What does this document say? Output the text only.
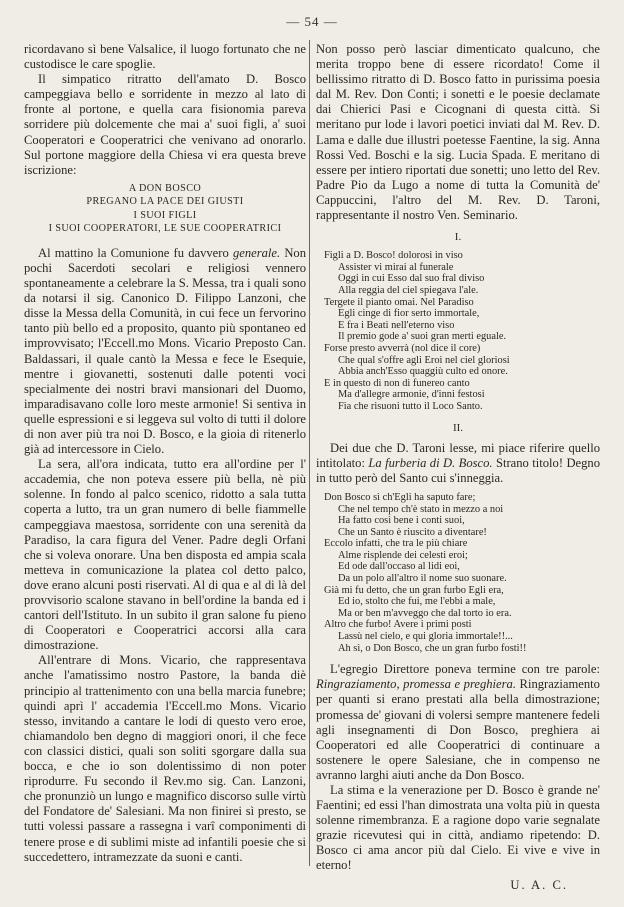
— 54 —

ricordavano sì bene Valsalice, il luogo fortunato che ne custodisce le care spoglie.

Il simpatico ritratto dell'amato D. Bosco campeggiava bello e sorridente in mezzo al lato di fronte al portone, e quella cara fisionomia pareva sorridere più dolcemente che mai a' suoi figli, a' suoi Cooperatori e Cooperatrici che venivano ad onorarlo. Sul portone maggiore della Chiesa vi era questa breve iscrizione:

A DON BOSCO
PREGANO LA PACE DEI GIUSTI
I SUOI FIGLI
I SUOI COOPERATORI, LE SUE COOPERATRICI

Al mattino la Comunione fu davvero generale. Non pochi Sacerdoti secolari e religiosi vennero spontaneamente a celebrare la S. Messa, tra i quali sono da notarsi il sig. Canonico D. Filippo Lanzoni, che disse la Messa della Comunità, in cui fece un fervorino tanto più bello ed a proposito, quanto più spontaneo ed improvvisato; l'Eccell.mo Mons. Vicario Preposto Can. Baldassari, il quale cantò la Messa e fece le Esequie, mentre i giovanetti, sostenuti dalle potenti voci specialmente dei nostri bravi mansionari del Duomo, imparadisavano colle loro meste armonie! Si sentiva in quelle espressioni e si leggeva sul volto di tutti il dolore di non aver più tra noi D. Bosco, e la gioia di ritenerlo già ad intercessore in Cielo.

La sera, all'ora indicata, tutto era all'ordine per l' accademia, che non poteva essere più bella, nè più solenne. In fondo al palco scenico, ridotto a sala tutta coperta a lutto, tra un gran numero di belle fiammelle campeggiava maestosa, sorridente con una serenità da Paradiso, la cara figura del Vener. Padre degli Orfani che si voleva onorare. Una ben disposta ed ampia scala metteva in comunicazione la platea col detto palco, dove erano alcuni posti riservati. Al di qua e al di là del provvisorio scalone stavano in bell'ordine la banda ed i cantori dell'Istituto. In un subito il gran salone fu pieno di Cooperatori e Cooperatrici accorsi alla cara dimostrazione.

All'entrare di Mons. Vicario, che rappresentava anche l'amatissimo nostro Pastore, la banda diè principio al trattenimento con una bella marcia funebre; quindi aprì l' accademia l'Eccell.mo Mons. Vicario stesso, invitando a cantare le lodi di questo vero eroe, chiamandolo ben degno di maggiori onori, il che fece con classici distici, quali son soliti sgorgare dalla sua bocca, e che io son dolentissimo di non poter riprodurre. Fu secondo il Rev.mo sig. Can. Lanzoni, che pronunziò un lungo e magnifico discorso sulle virtù del Fondatore de' Salesiani. Ma non finirei sì presto, se tutti volessi passare a rassegna i varî componimenti di tenere prose e di sublimi miste ad infantili poesie che si succedettero, intramezzate da suoni e canti.

Non posso però lasciar dimenticato qualcuno, che merita troppo bene di essere ricordato! Come il bellissimo ritratto di D. Bosco fatto in purissima poesia dal M. Rev. Don Conti; i sonetti e le poesie declamate dai Chierici Pasi e Cicognani di questa città. Si meritano pur lode i lavori poetici inviati dal M. Rev. D. Lama e dalle due illustri poetesse Faentine, la sig. Anna Rossi Ved. Boschi e la sig. Lucia Spada. E meritano di essere per intiero riportati due sonetti; uno letto del Rev. Padre Pio da Lugo a nome di tutta la Comunità de' Cappuccini, l'altro del M. Rev. D. Taroni, rappresentante il nostro Ven. Seminario.

I.
Figli a D. Bosco! dolorosi in viso
Assister vi mirai al funerale
Oggi in cui Esso dal suo fral diviso
Alla reggia del ciel spiegava l'ale.
Tergete il pianto omai. Nel Paradiso
Egli cinge di fior serto immortale,
E fra i Beati nell'eterno viso
Il premio gode a' suoi gran merti eguale.
Forse presto avverrà (nol dice il core)
Che qual s'offre agli Eroi nel ciel gloriosi
Abbia anch'Esso quaggiù culto ed onore.
E in questo dì non di funereo canto
Ma d'allegre armonie, d'inni festosi
Fia che risuoni tutto il Loco Santo.
II.

Dei due che D. Taroni lesse, mi piace riferire quello intitolato: La furberia di D. Bosco. Strano titolo! Degno in tutto però del Santo cui s'inneggia.

Don Bosco sì ch'Egli ha saputo fare;
Che nel tempo ch'è stato in mezzo a noi
Ha fatto così bene i conti suoi,
Che un Santo è riuscito a diventare!
Eccolo infatti, che tra le più chiare
Alme risplende dei celesti eroi;
Ed ode dall'occaso al lidi eoi,
Da un polo all'altro il nome suo suonare.
Già mi fu detto, che un gran furbo Egli era,
Ed io, stolto che fui, me l'ebbi a male,
Ma or ben m'avveggo che dal torto io era.
Altro che furbo! Avere i primi posti
Lassù nel cielo, e qui gloria immortale!!...
Ah sì, o Don Bosco, che un gran furbo fosti!!

L'egregio Direttore poneva termine con tre parole: Ringraziamento, promessa e preghiera. Ringraziamento per quanti si erano prestati alla bella dimostrazione; promessa de' giovani di volersi sempre mantenere fedeli agli insegnamenti di Don Bosco, preghiera ai Cooperatori ed alle Cooperatrici di continuare a sostenere le opere Salesiane, che in compenso ne avranno larghi aiuti anche da Don Bosco.

La stima e la venerazione per D. Bosco è grande ne' Faentini; ed essi l'han dimostrata una volta più in questa solenne rimembranza. E a ragione dopo varie segnalate grazie ricevutesi qui in città, andiamo ripetendo: D. Bosco ci ama ancor più dal Cielo. Ei vive e vive in eterno!

U. A. C.
